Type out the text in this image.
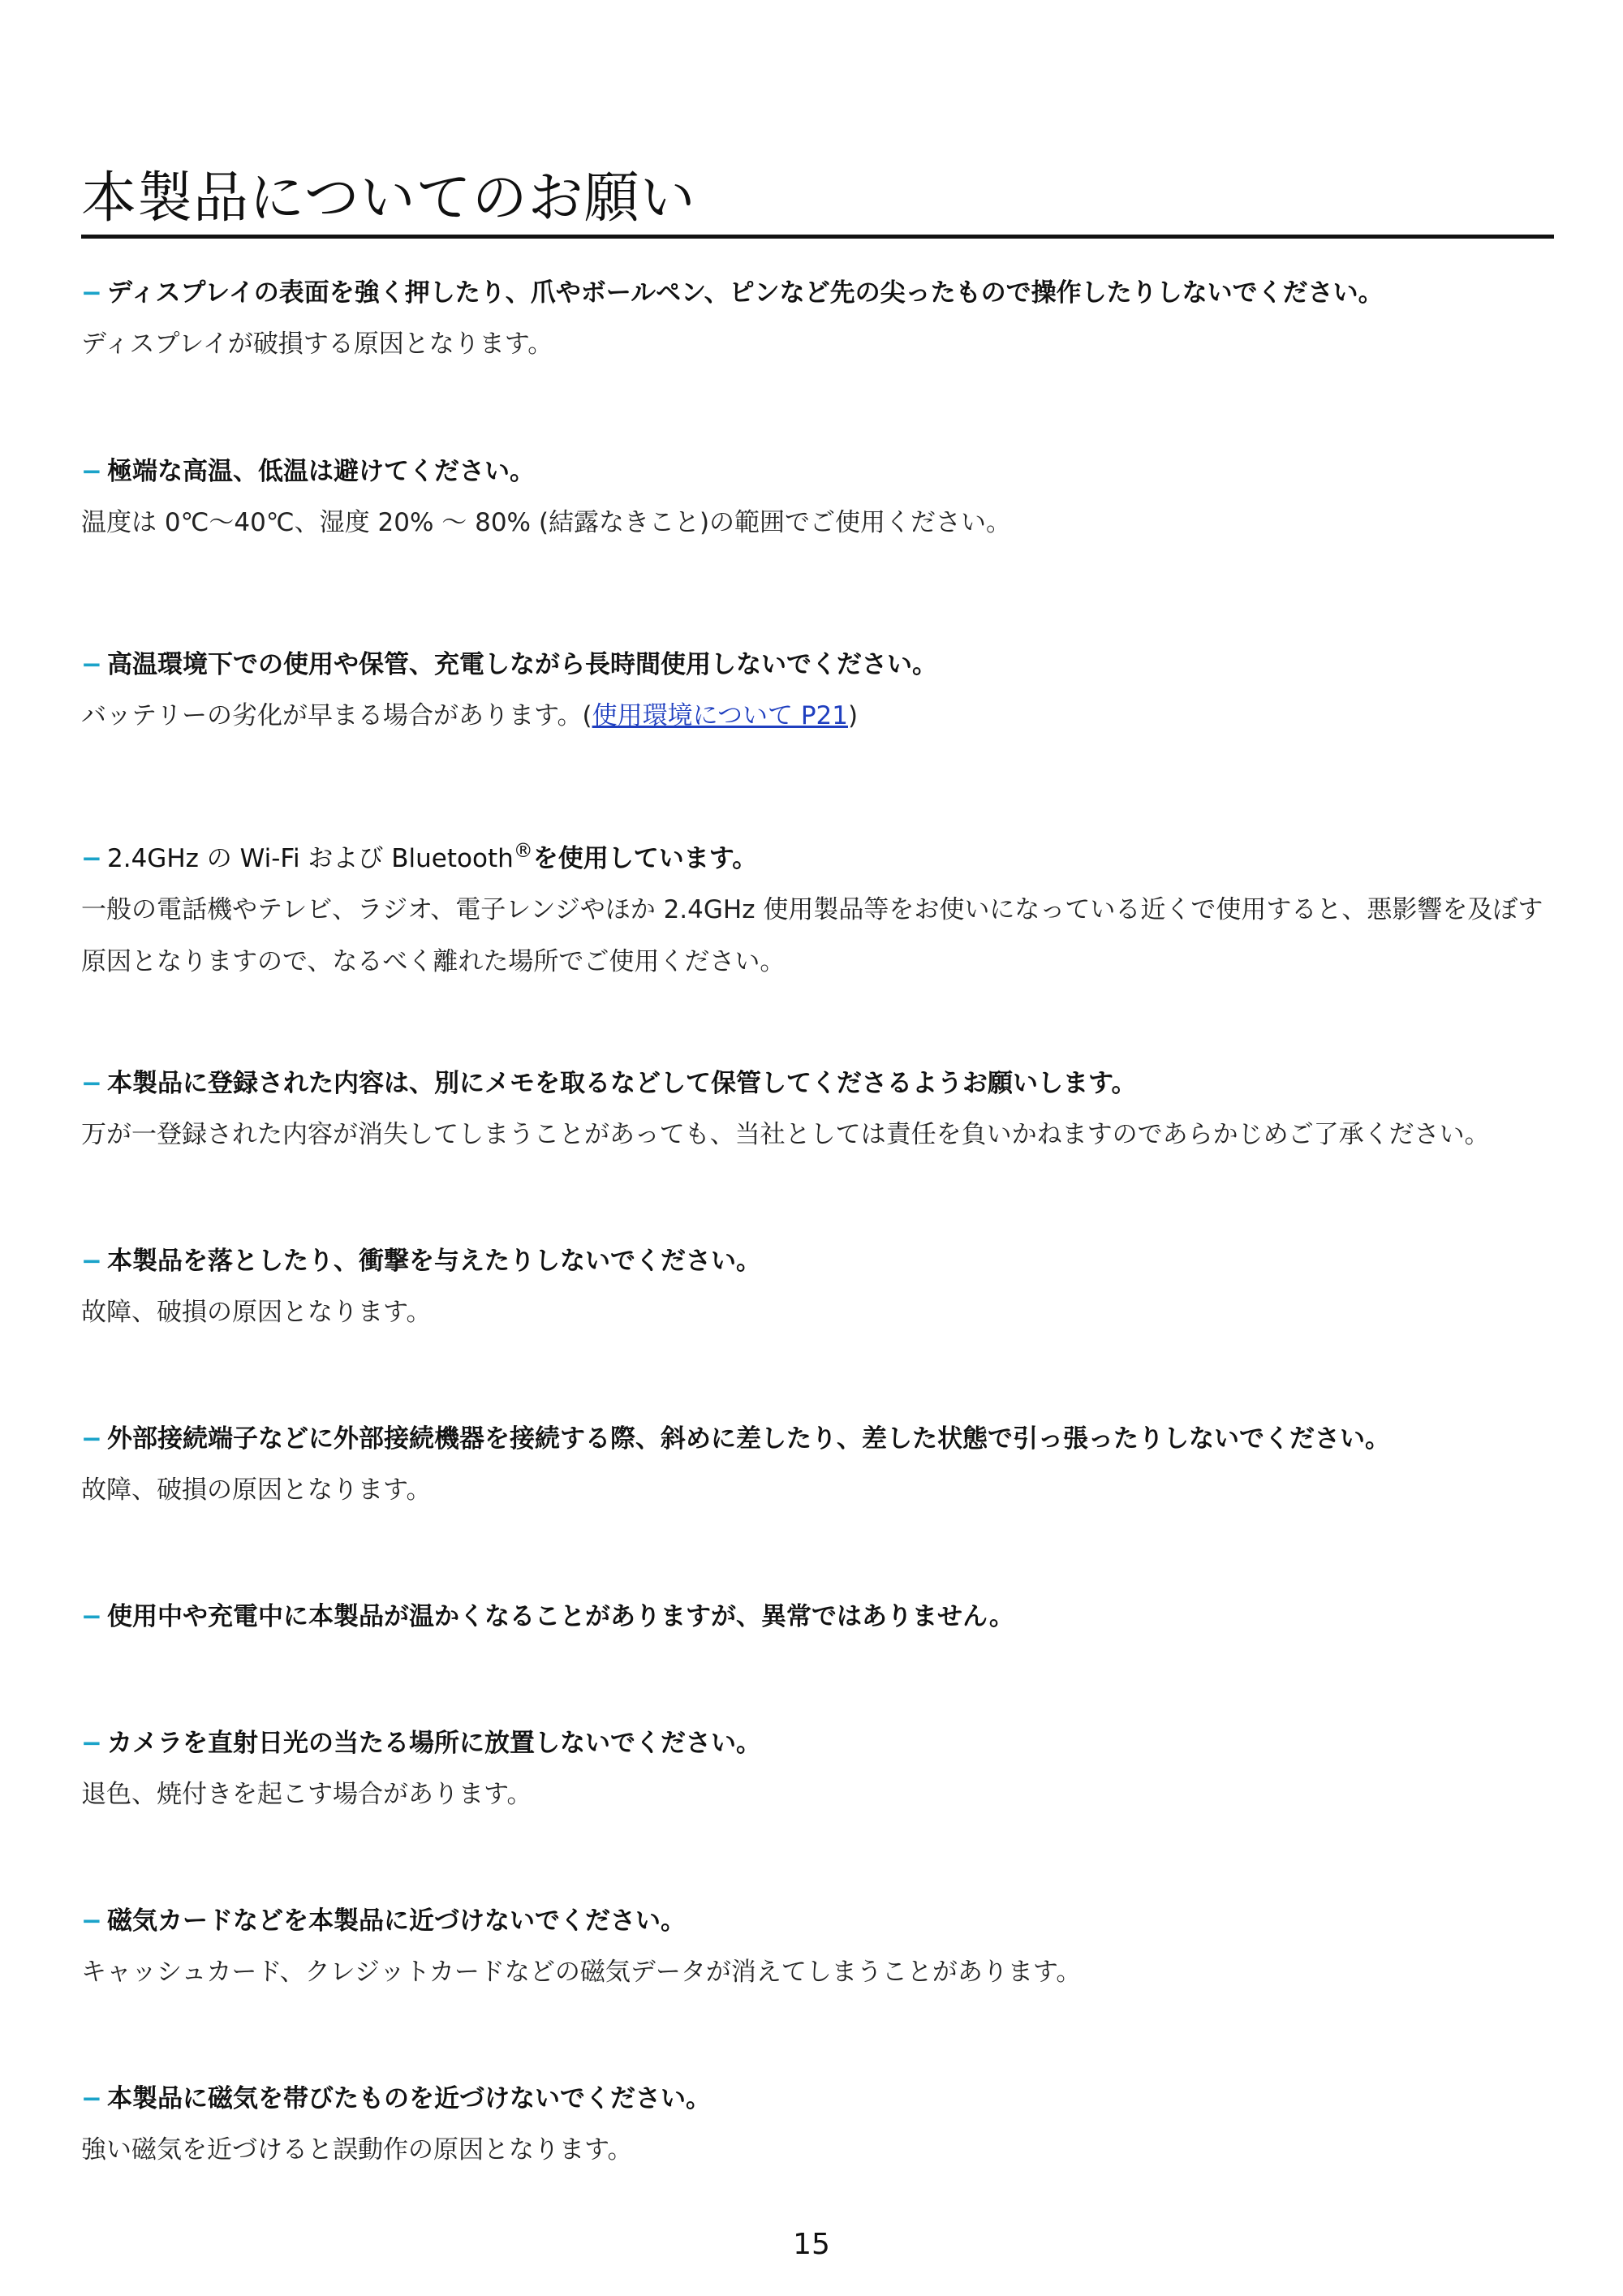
本製品についてのお願い

− ディスプレイの表面を強く押したり、爪やボールペン、ピンなど先の尖ったもので操作したりしないでください。

ディスプレイが破損する原因となります。

− 極端な高温、低温は避けてください。

温度は 0℃〜40℃、湿度 20% 〜 80% (結露なきこと)の範囲でご使用ください。

− 高温環境下での使用や保管、充電しながら長時間使用しないでください。

バッテリーの劣化が早まる場合があります。(使用環境について P21)

− 2.4GHz の Wi-Fi および Bluetooth®を使用しています。

一般の電話機やテレビ、ラジオ、電子レンジやほか 2.4GHz 使用製品等をお使いになっている近くで使用すると、悪影響を及ぼす原因となりますので、なるべく離れた場所でご使用ください。

− 本製品に登録された内容は、別にメモを取るなどして保管してくださるようお願いします。

万が一登録された内容が消失してしまうことがあっても、当社としては責任を負いかねますのであらかじめご了承ください。

− 本製品を落としたり、衝撃を与えたりしないでください。

故障、破損の原因となります。

− 外部接続端子などに外部接続機器を接続する際、斜めに差したり、差した状態で引っ張ったりしないでください。

故障、破損の原因となります。

− 使用中や充電中に本製品が温かくなることがありますが、異常ではありません。

− カメラを直射日光の当たる場所に放置しないでください。

退色、焼付きを起こす場合があります。

− 磁気カードなどを本製品に近づけないでください。

キャッシュカード、クレジットカードなどの磁気データが消えてしまうことがあります。

− 本製品に磁気を帯びたものを近づけないでください。

強い磁気を近づけると誤動作の原因となります。

15
